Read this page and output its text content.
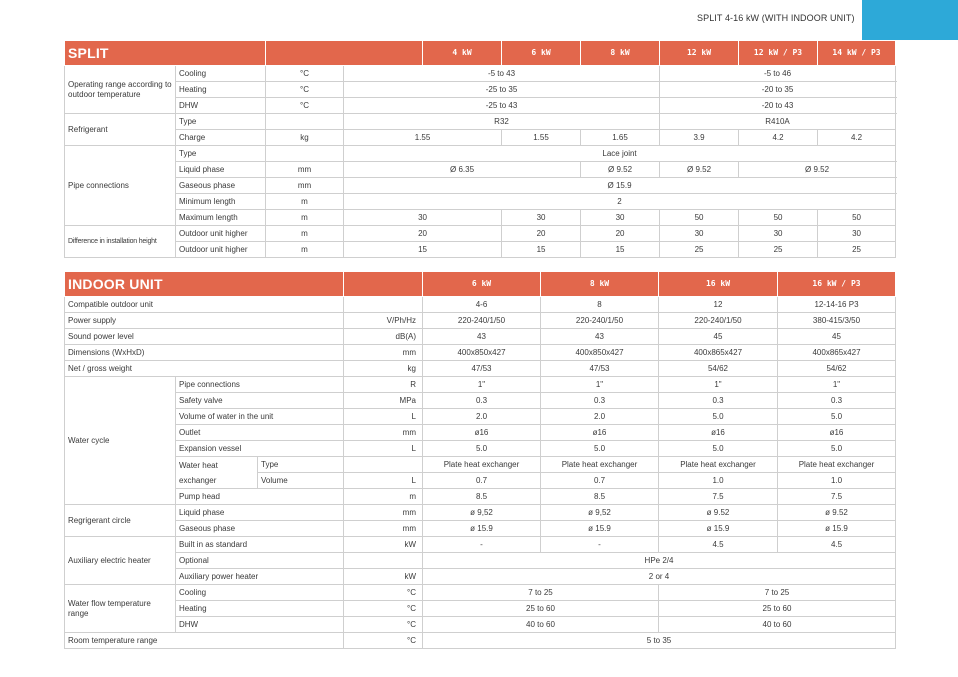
SPLIT 4-16 kW (WITH INDOOR UNIT)
SPLIT				4 kW	6 kW	8 kW	12 kW	12 kW / P3	14 kW / P3	
Operating range according to outdoor temperature	Cooling	°C	-5 to 43				-5 to 46			
	Heating	°C	-25 to 35				-20 to 35			
	DHW	°C	-25 to 43				-20 to 43			
Refrigerant	Type		R32				R410A			
	Charge	kg	1.55		1.55	1.65	3.9	4.2	4.2	
Pipe connections	Type		Lace joint							
	Liquid phase	mm	Ø 6.35			Ø 9.52	Ø 9.52	Ø 9.52		
	Gaseous phase	mm	Ø 15.9							
	Minimum length	m	2							
	Maximum length	m	30		30	30	50	50	50	
Difference in installation height	Outdoor unit higher	m	20		20	20	30	30	30	
	Outdoor unit higher	m	15		15	15	25	25	25	
INDOOR UNIT				6 kW	8 kW	16 kW	16 kW / P3
Compatible outdoor unit				4-6	8	12	12-14-16 P3
Power supply			V/Ph/Hz	220-240/1/50	220-240/1/50	220-240/1/50	380-415/3/50
Sound power level			dB(A)	43	43	45	45
Dimensions (WxHxD)			mm	400x850x427	400x850x427	400x865x427	400x865x427
Net / gross weight			kg	47/53	47/53	54/62	54/62
Water cycle	Pipe connections		R	1"	1"	1"	1"
	Safety valve		MPa	0.3	0.3	0.3	0.3
	Volume of water in the unit		L	2.0	2.0	5.0	5.0
	Outlet		mm	ø16	ø16	ø16	ø16
	Expansion vessel		L	5.0	5.0	5.0	5.0
	Water heat exchanger	Type		Plate heat exchanger	Plate heat exchanger	Plate heat exchanger	Plate heat exchanger
		Volume	L	0.7	0.7	1.0	1.0
	Pump head		m	8.5	8.5	7.5	7.5
Regrigerant circle	Liquid phase		mm	ø 9,52	ø 9,52	ø 9.52	ø 9.52
	Gaseous phase		mm	ø 15.9	ø 15.9	ø 15.9	ø 15.9
Auxiliary electric heater	Built in as standard		kW	-	-	4.5	4.5
	Optional			HPe 2/4			
	Auxiliary power heater		kW	2 or 4			
Water flow temperature range	Cooling		°C	7 to 25		7 to 25	
	Heating		°C	25 to 60		25 to 60	
	DHW		°C	40 to 60		40 to 60	
Room temperature range			°C	5 to 35			
